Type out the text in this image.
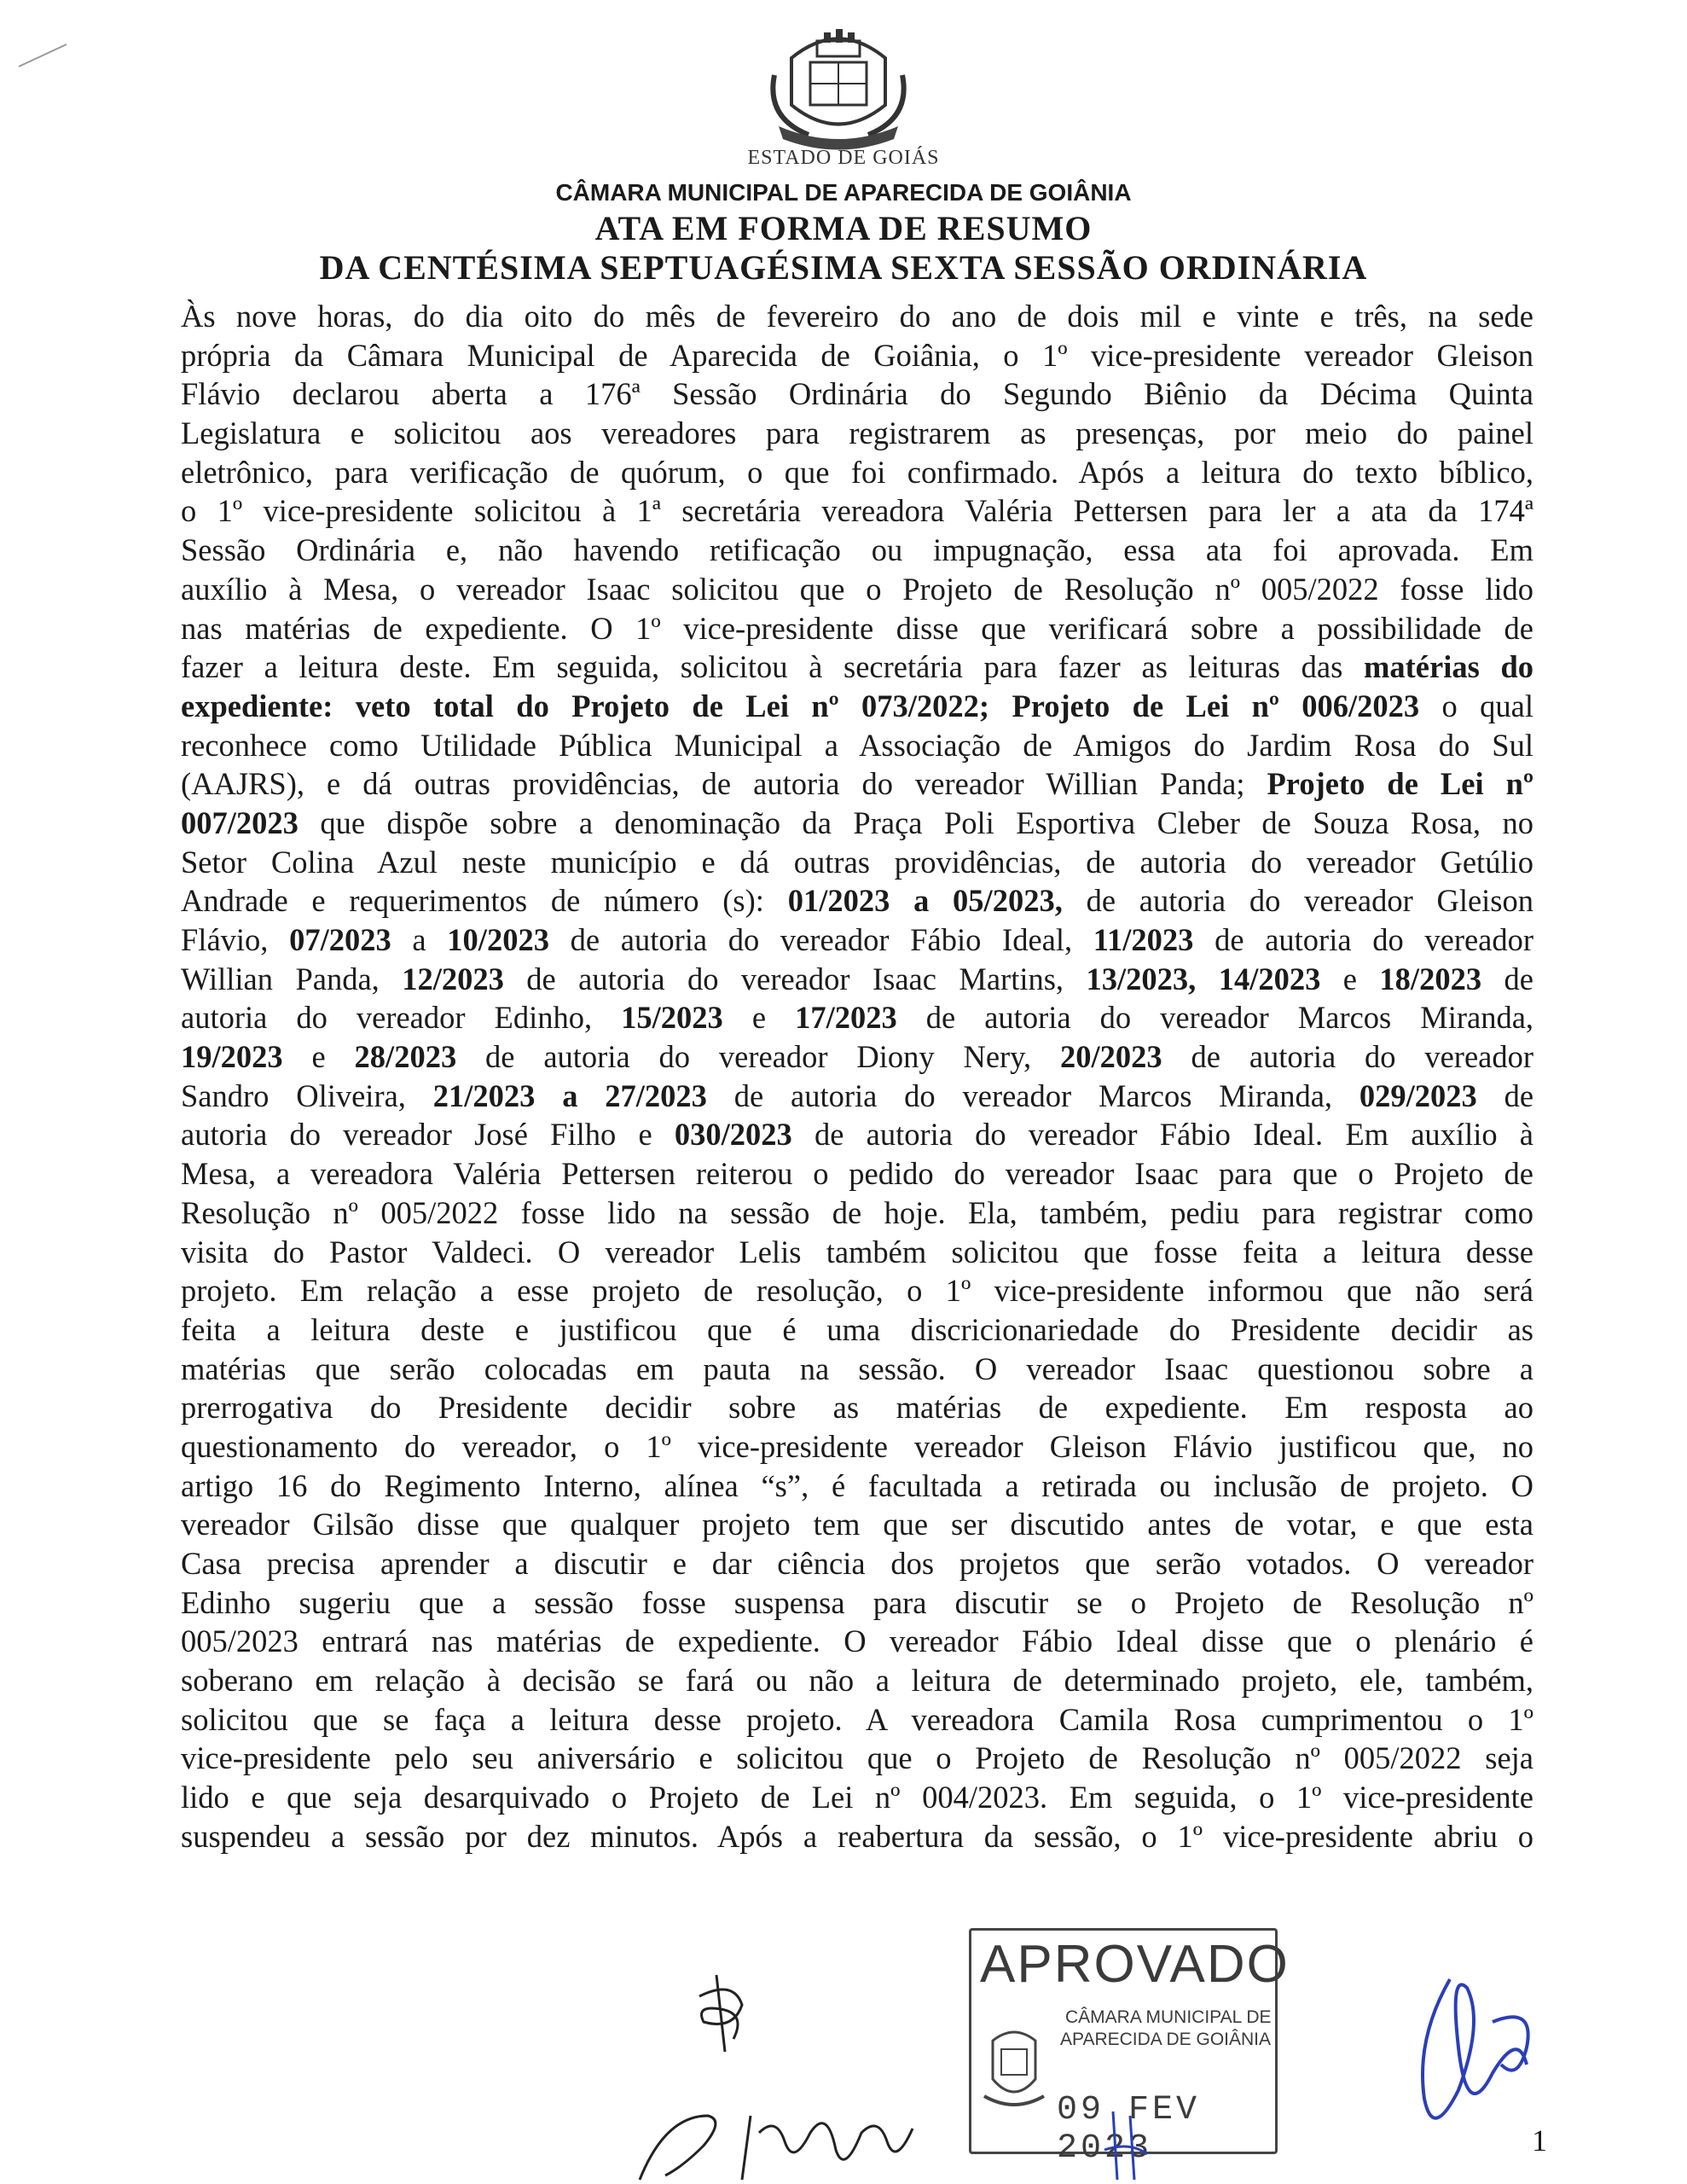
ESTADO DE GOIÁS
CÂMARA MUNICIPAL DE APARECIDA DE GOIÂNIA
ATA EM FORMA DE RESUMO
DA CENTÉSIMA SEPTUAGÉSIMA SEXTA SESSÃO ORDINÁRIA
Às nove horas, do dia oito do mês de fevereiro do ano de dois mil e vinte e três, na sede
própria da Câmara Municipal de Aparecida de Goiânia, o 1º vice-presidente vereador Gleison
Flávio declarou aberta a 176ª Sessão Ordinária do Segundo Biênio da Décima Quinta
Legislatura e solicitou aos vereadores para registrarem as presenças, por meio do painel
eletrônico, para verificação de quórum, o que foi confirmado. Após a leitura do texto bíblico,
o 1º vice-presidente solicitou à 1ª secretária vereadora Valéria Pettersen para ler a ata da 174ª
Sessão Ordinária e, não havendo retificação ou impugnação, essa ata foi aprovada. Em
auxílio à Mesa, o vereador Isaac solicitou que o Projeto de Resolução nº 005/2022 fosse lido
nas matérias de expediente. O 1º vice-presidente disse que verificará sobre a possibilidade de
fazer a leitura deste. Em seguida, solicitou à secretária para fazer as leituras das matérias do
expediente: veto total do Projeto de Lei nº 073/2022; Projeto de Lei nº 006/2023 o qual
reconhece como Utilidade Pública Municipal a Associação de Amigos do Jardim Rosa do Sul
(AAJRS), e dá outras providências, de autoria do vereador Willian Panda; Projeto de Lei nº
007/2023 que dispõe sobre a denominação da Praça Poli Esportiva Cleber de Souza Rosa, no
Setor Colina Azul neste município e dá outras providências, de autoria do vereador Getúlio
Andrade e requerimentos de número (s): 01/2023 a 05/2023, de autoria do vereador Gleison
Flávio, 07/2023 a 10/2023 de autoria do vereador Fábio Ideal, 11/2023 de autoria do vereador
Willian Panda, 12/2023 de autoria do vereador Isaac Martins, 13/2023, 14/2023 e 18/2023 de
autoria do vereador Edinho, 15/2023 e 17/2023 de autoria do vereador Marcos Miranda,
19/2023 e 28/2023 de autoria do vereador Diony Nery, 20/2023 de autoria do vereador
Sandro Oliveira, 21/2023 a 27/2023 de autoria do vereador Marcos Miranda, 029/2023 de
autoria do vereador José Filho e 030/2023 de autoria do vereador Fábio Ideal. Em auxílio à
Mesa, a vereadora Valéria Pettersen reiterou o pedido do vereador Isaac para que o Projeto de
Resolução nº 005/2022 fosse lido na sessão de hoje. Ela, também, pediu para registrar como
visita do Pastor Valdeci. O vereador Lelis também solicitou que fosse feita a leitura desse
projeto. Em relação a esse projeto de resolução, o 1º vice-presidente informou que não será
feita a leitura deste e justificou que é uma discricionariedade do Presidente decidir as
matérias que serão colocadas em pauta na sessão. O vereador Isaac questionou sobre a
prerrogativa do Presidente decidir sobre as matérias de expediente. Em resposta ao
questionamento do vereador, o 1º vice-presidente vereador Gleison Flávio justificou que, no
artigo 16 do Regimento Interno, alínea “s”, é facultada a retirada ou inclusão de projeto. O
vereador Gilsão disse que qualquer projeto tem que ser discutido antes de votar, e que esta
Casa precisa aprender a discutir e dar ciência dos projetos que serão votados. O vereador
Edinho sugeriu que a sessão fosse suspensa para discutir se o Projeto de Resolução nº
005/2023 entrará nas matérias de expediente. O vereador Fábio Ideal disse que o plenário é
soberano em relação à decisão se fará ou não a leitura de determinado projeto, ele, também,
solicitou que se faça a leitura desse projeto. A vereadora Camila Rosa cumprimentou o 1º
vice-presidente pelo seu aniversário e solicitou que o Projeto de Resolução nº 005/2022 seja
lido e que seja desarquivado o Projeto de Lei nº 004/2023. Em seguida, o 1º vice-presidente
suspendeu a sessão por dez minutos. Após a reabertura da sessão, o 1º vice-presidente abriu o
APROVADO
CÂMARA MUNICIPAL DE
APARECIDA DE GOIÂNIA
09 FEV 2023	1
